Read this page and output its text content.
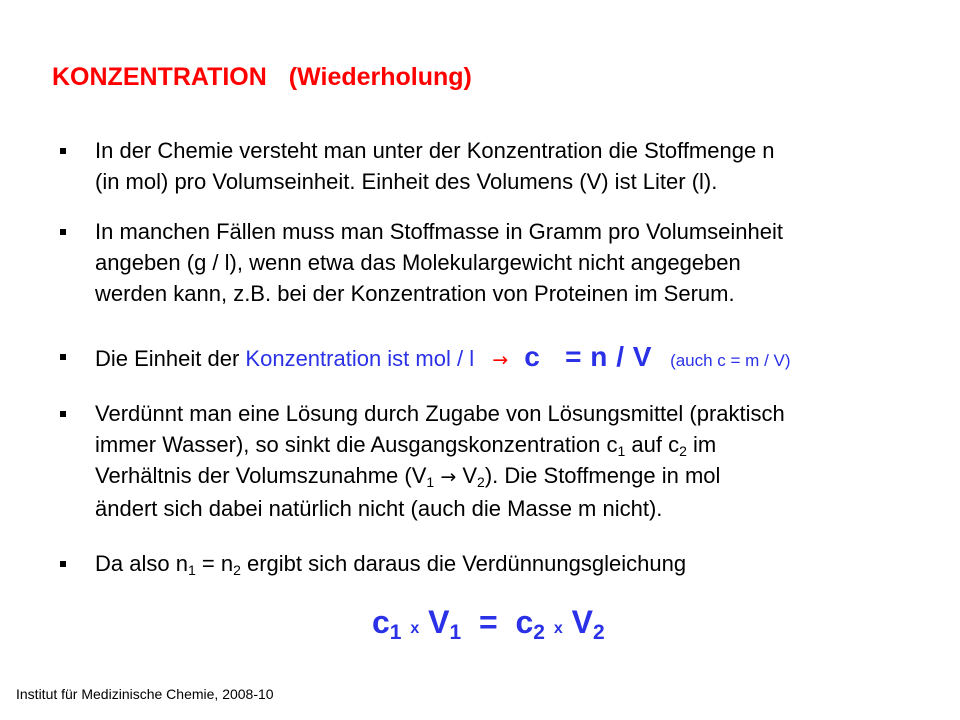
KONZENTRATION (Wiederholung)
In der Chemie versteht man unter der Konzentration die Stoffmenge n
(in mol) pro Volumseinheit. Einheit des Volumens (V) ist Liter (l).
In manchen Fällen muss man Stoffmasse in Gramm pro Volumseinheit
angeben (g / l), wenn etwa das Molekulargewicht nicht angegeben
werden kann, z.B. bei der Konzentration von Proteinen im Serum.
Die Einheit der Konzentration ist mol / l → c   = n / V (auch c = m / V)
Verdünnt man eine Lösung durch Zugabe von Lösungsmittel (praktisch
immer Wasser), so sinkt die Ausgangskonzentration $c_1$ auf $c_2$ im
Verhältnis der Volumszunahme $(V_1 \to V_2)$. Die Stoffmenge in mol
ändert sich dabei natürlich nicht (auch die Masse m nicht).
Da also $n_1 = n_2$ ergibt sich daraus die Verdünnungsgleichung
$c_1$ x $V_1 = c_2$ x $V_2$
Institut für Medizinische Chemie, 2008-10
